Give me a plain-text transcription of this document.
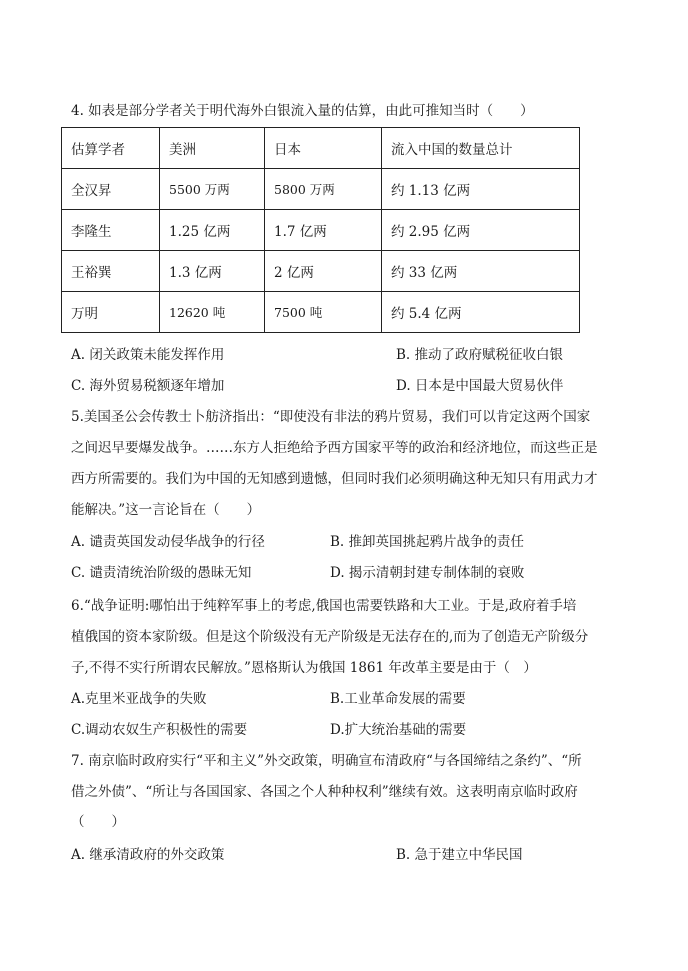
4. 如表是部分学者关于明代海外白银流入量的估算，由此可推知当时（　　）
估算学者	美洲	日本	流入中国的数量总计
全汉昇	5500 万两	5800 万两	约 1.13 亿两
李隆生	1.25 亿两	1.7 亿两	约 2.95 亿两
王裕巽	1.3 亿两	2 亿两	约 33 亿两
万明	12620 吨	7500 吨	约 5.4 亿两
A. 闭关政策未能发挥作用	B. 推动了政府赋税征收白银
C. 海外贸易税额逐年增加	D. 日本是中国最大贸易伙伴
5.美国圣公会传教士卜舫济指出：“即使没有非法的鸦片贸易，我们可以肯定这两个国家
之间迟早要爆发战争。……东方人拒绝给予西方国家平等的政治和经济地位，而这些正是
西方所需要的。我们为中国的无知感到遗憾，但同时我们必须明确这种无知只有用武力才
能解决。”这一言论旨在（　　）
A. 谴责英国发动侵华战争的行径	B. 推卸英国挑起鸦片战争的责任
C. 谴责清统治阶级的愚昧无知	D. 揭示清朝封建专制体制的衰败
6.“战争证明:哪怕出于纯粹军事上的考虑,俄国也需要铁路和大工业。于是,政府着手培
植俄国的资本家阶级。但是这个阶级没有无产阶级是无法存在的,而为了创造无产阶级分
子,不得不实行所谓农民解放。”恩格斯认为俄国 1861 年改革主要是由于（　）
A.克里米亚战争的失败	B.工业革命发展的需要
C.调动农奴生产积极性的需要	D.扩大统治基础的需要
7. 南京临时政府实行“平和主义”外交政策，明确宣布清政府“与各国缔结之条约”、“所
借之外债”、“所让与各国国家、各国之个人种种权利”继续有效。这表明南京临时政府
（　　）
A. 继承清政府的外交政策	B. 急于建立中华民国
